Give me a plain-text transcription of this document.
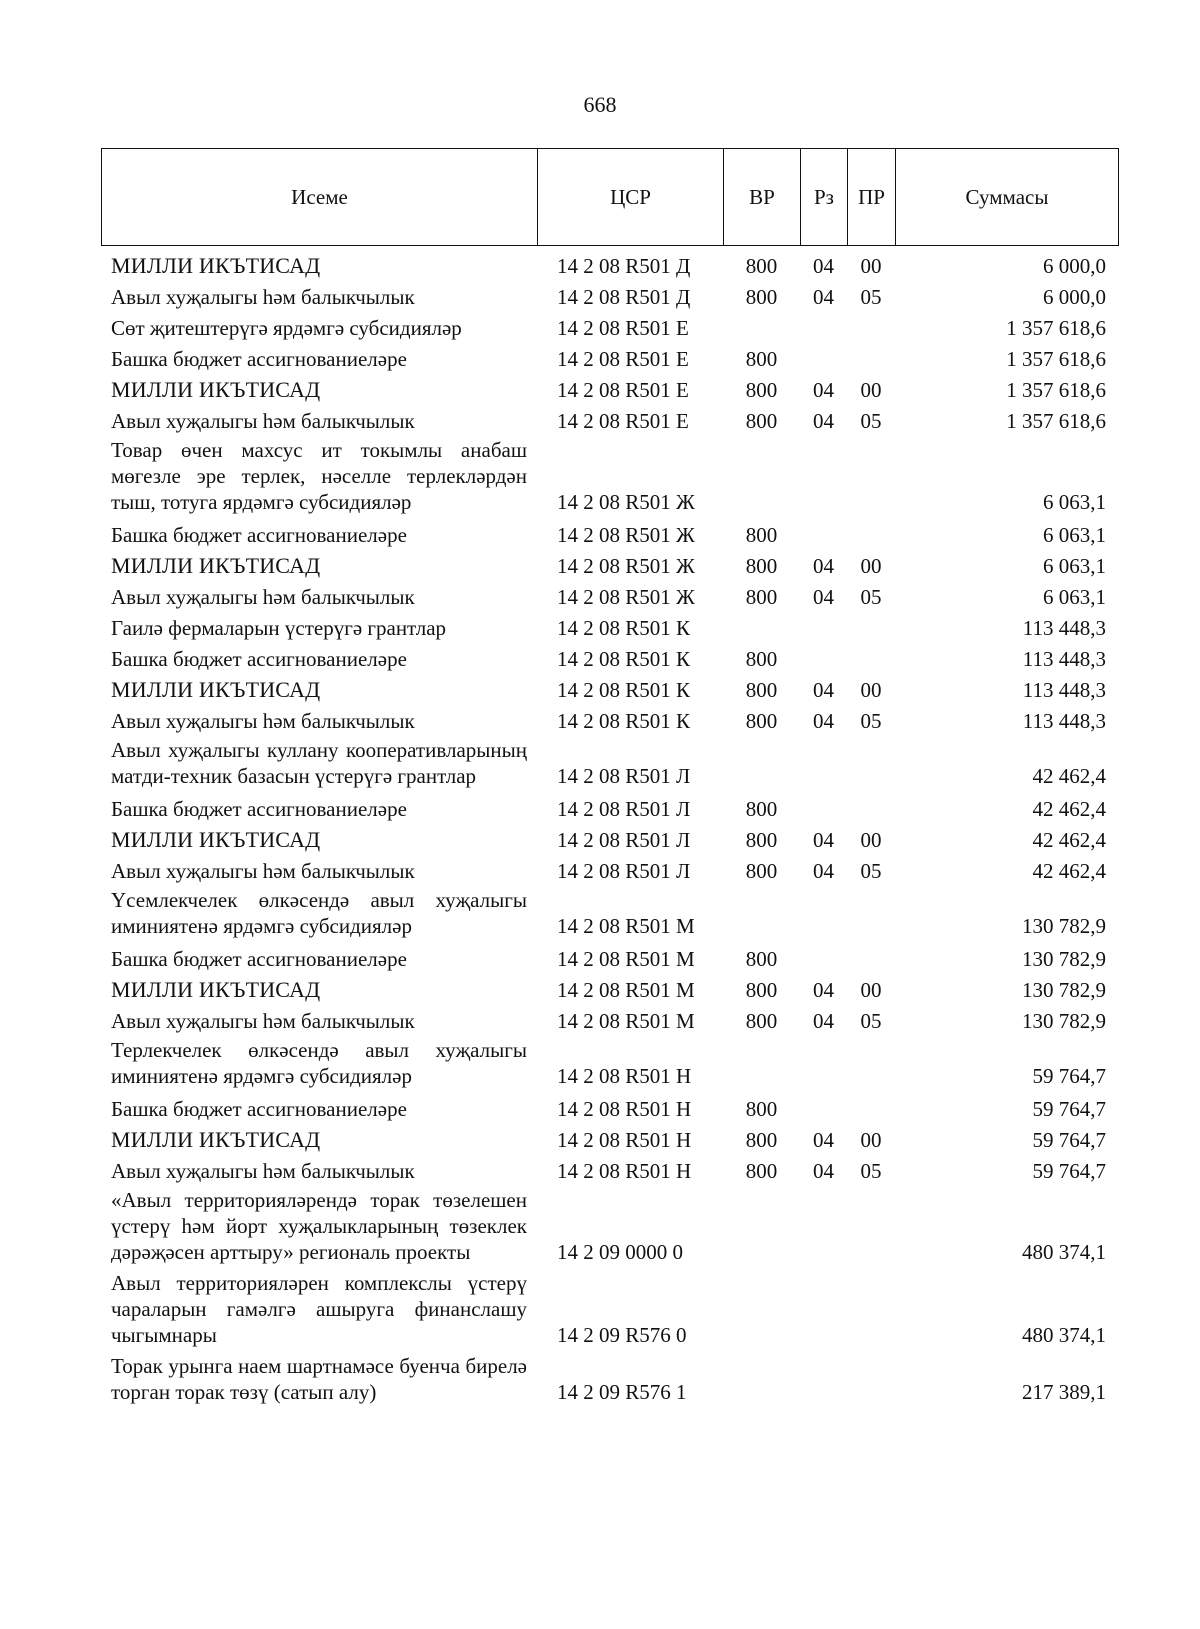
668
Исеме	ЦСР	ВР	Рз	ПР	Суммасы
МИЛЛИ ИКЪТИСАД	14 2 08 R501 Д	800	04	00	6 000,0
Авыл хуҗалыгы һәм балыкчылык	14 2 08 R501 Д	800	04	05	6 000,0
Сөт җитештерүгә ярдәмгә субсидияләр	14 2 08 R501 Е				1 357 618,6
Башка бюджет ассигнованиеләре	14 2 08 R501 Е	800			1 357 618,6
МИЛЛИ ИКЪТИСАД	14 2 08 R501 Е	800	04	00	1 357 618,6
Авыл хуҗалыгы һәм балыкчылык	14 2 08 R501 Е	800	04	05	1 357 618,6
Товар өчен махсус ит токымлы анабаш мөгезле эре терлек, нәселле терлекләрдән тыш, тотуга ярдәмгә субсидияләр	14 2 08 R501 Ж				6 063,1
Башка бюджет ассигнованиеләре	14 2 08 R501 Ж	800			6 063,1
МИЛЛИ ИКЪТИСАД	14 2 08 R501 Ж	800	04	00	6 063,1
Авыл хуҗалыгы һәм балыкчылык	14 2 08 R501 Ж	800	04	05	6 063,1
Гаилә фермаларын үстерүгә грантлар	14 2 08 R501 К				113 448,3
Башка бюджет ассигнованиеләре	14 2 08 R501 К	800			113 448,3
МИЛЛИ ИКЪТИСАД	14 2 08 R501 К	800	04	00	113 448,3
Авыл хуҗалыгы һәм балыкчылык	14 2 08 R501 К	800	04	05	113 448,3
Авыл хуҗалыгы куллану кооперативларының матди-техник базасын үстерүгә грантлар	14 2 08 R501 Л				42 462,4
Башка бюджет ассигнованиеләре	14 2 08 R501 Л	800			42 462,4
МИЛЛИ ИКЪТИСАД	14 2 08 R501 Л	800	04	00	42 462,4
Авыл хуҗалыгы һәм балыкчылык	14 2 08 R501 Л	800	04	05	42 462,4
Үсемлекчелек өлкәсендә авыл хуҗалыгы иминиятенә ярдәмгә субсидияләр	14 2 08 R501 М				130 782,9
Башка бюджет ассигнованиеләре	14 2 08 R501 М	800			130 782,9
МИЛЛИ ИКЪТИСАД	14 2 08 R501 М	800	04	00	130 782,9
Авыл хуҗалыгы һәм балыкчылык	14 2 08 R501 М	800	04	05	130 782,9
Терлекчелек өлкәсендә авыл хуҗалыгы иминиятенә ярдәмгә субсидияләр	14 2 08 R501 Н				59 764,7
Башка бюджет ассигнованиеләре	14 2 08 R501 Н	800			59 764,7
МИЛЛИ ИКЪТИСАД	14 2 08 R501 Н	800	04	00	59 764,7
Авыл хуҗалыгы һәм балыкчылык	14 2 08 R501 Н	800	04	05	59 764,7
«Авыл территорияләрендә торак төзелешен үстерү һәм йорт хуҗалыкларының төзеклек дәрәҗәсен арттыру» региональ проекты	14 2 09 0000 0				480 374,1
Авыл территорияләрен комплекслы үстерү чараларын гамәлгә ашыруга финанслашу чыгымнары	14 2 09 R576 0				480 374,1
Торак урынга наем шартнамәсе буенча бирелә торган торак төзү (сатып алу)	14 2 09 R576 1				217 389,1
